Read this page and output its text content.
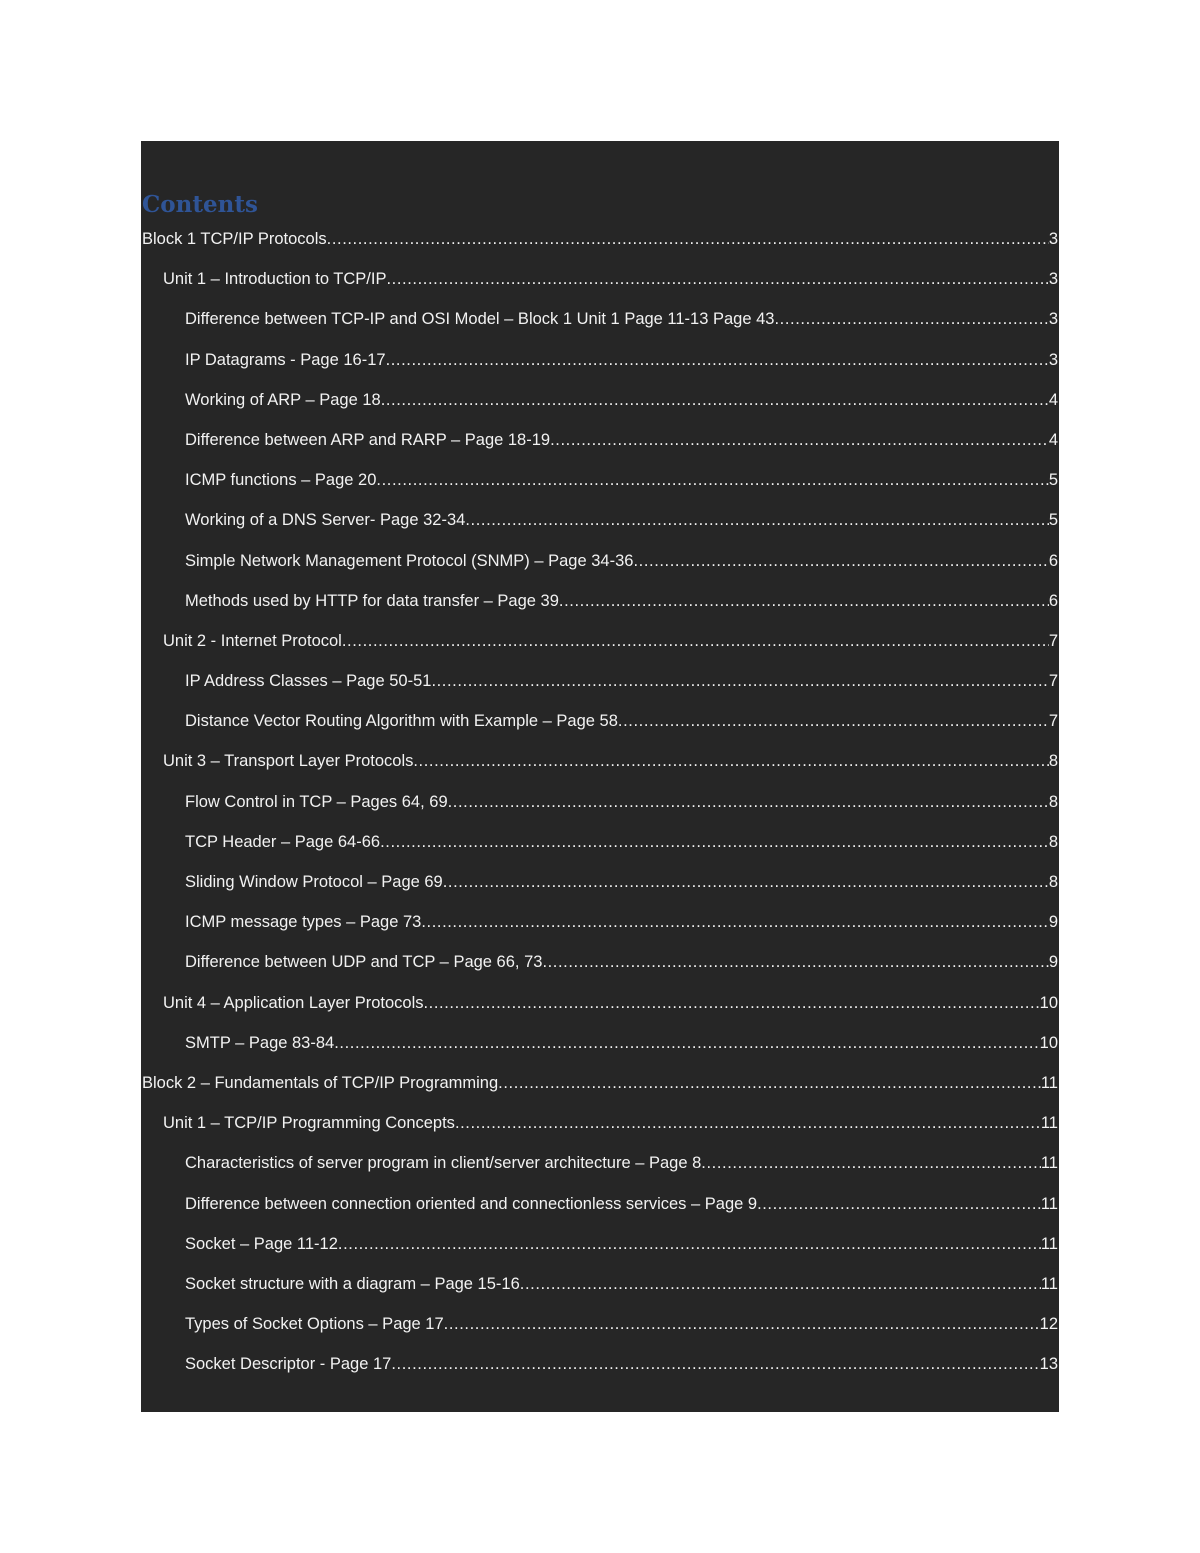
Contents
Block 1 TCP/IP Protocols .....	3
Unit 1 – Introduction to TCP/IP .....	3
Difference between TCP-IP and OSI Model – Block 1 Unit 1 Page 11-13 Page 43 .....	3
IP Datagrams - Page 16-17 .....	3
Working of ARP – Page 18 .....	4
Difference between ARP and RARP – Page 18-19 .....	4
ICMP functions – Page 20 .....	5
Working of a DNS Server- Page 32-34 .....	5
Simple Network Management Protocol (SNMP) – Page 34-36 .....	6
Methods used by HTTP for data transfer – Page 39 .....	6
Unit 2 - Internet Protocol .....	7
IP Address Classes – Page 50-51 .....	7
Distance Vector Routing Algorithm with Example – Page 58 .....	7
Unit 3 – Transport Layer Protocols .....	8
Flow Control in TCP – Pages 64, 69 .....	8
TCP Header – Page 64-66 .....	8
Sliding Window Protocol – Page 69 .....	8
ICMP message types – Page 73 .....	9
Difference between UDP and TCP – Page 66, 73 .....	9
Unit 4 – Application Layer Protocols .....	10
SMTP – Page 83-84 .....	10
Block 2 – Fundamentals of TCP/IP Programming .....	11
Unit 1 – TCP/IP Programming Concepts .....	11
Characteristics of server program in client/server architecture – Page 8 .....	11
Difference between connection oriented and connectionless services – Page 9 .....	11
Socket – Page 11-12 .....	11
Socket structure with a diagram – Page 15-16 .....	11
Types of Socket Options – Page 17 .....	12
Socket Descriptor - Page 17 .....	13
